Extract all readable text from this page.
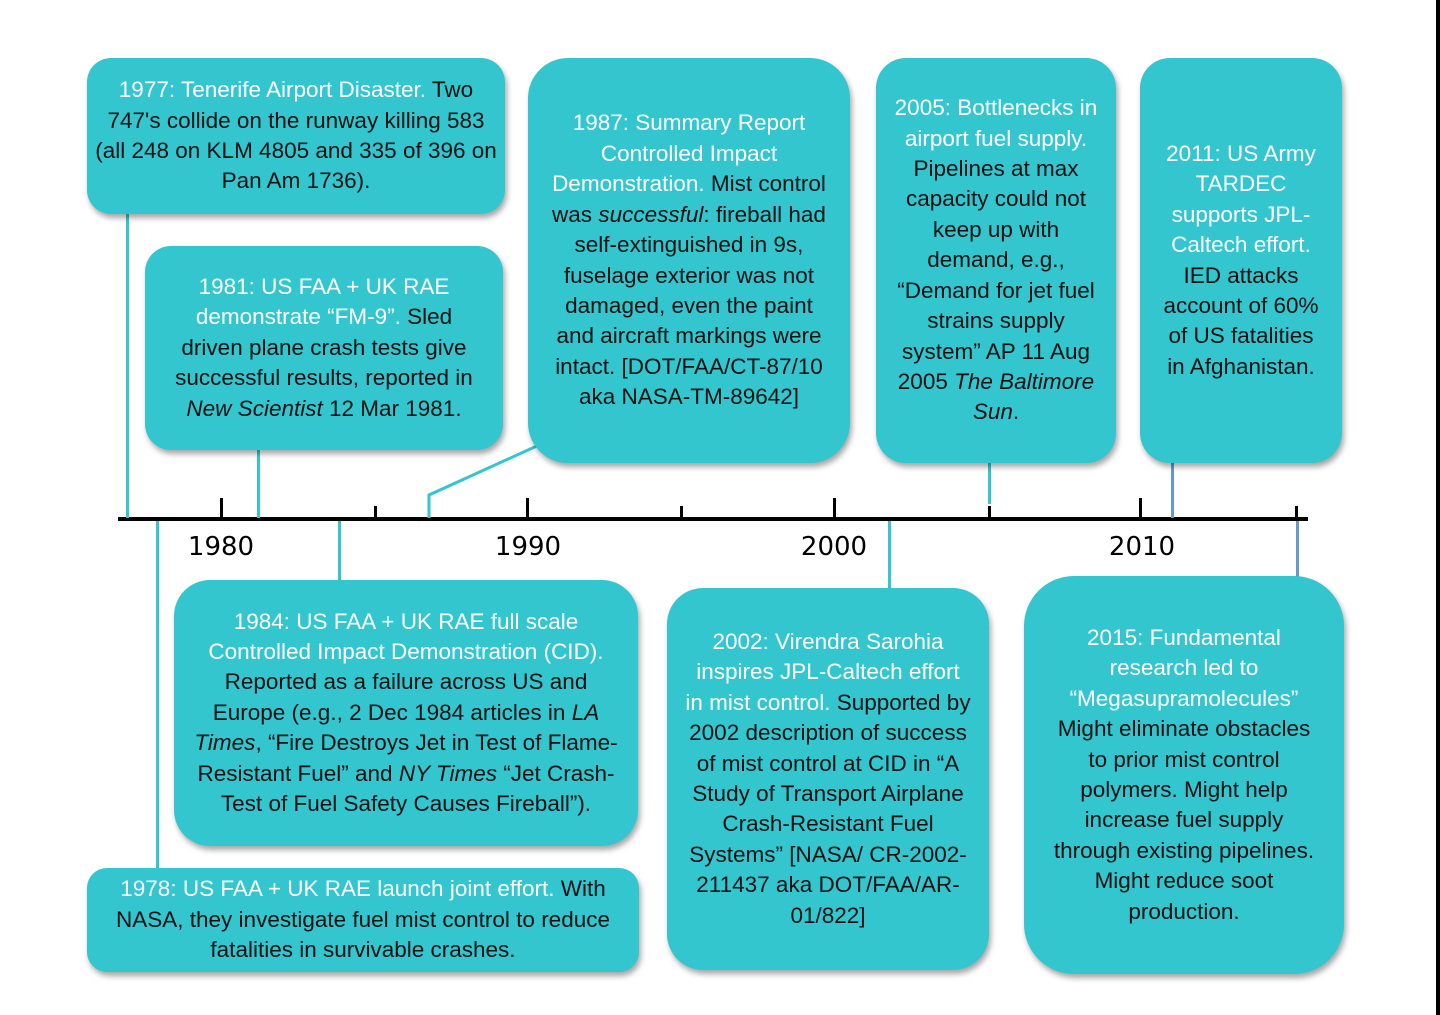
1980	1990	2000	2010
1977: Tenerife Airport Disaster. Two 747's collide on the runway killing 583 (all 248 on KLM 4805 and 335 of 396 on Pan Am 1736).
1981: US FAA + UK RAE demonstrate “FM-9”. Sled driven plane crash tests give successful results, reported in New Scientist 12 Mar 1981.
1987: Summary Report Controlled Impact Demonstration. Mist control was successful: fireball had self-extinguished in 9s, fuselage exterior was not damaged, even the paint and aircraft markings were intact. [DOT/FAA/CT-87/10 aka NASA-TM-89642]
2005: Bottlenecks in airport fuel supply. Pipelines at max capacity could not keep up with demand, e.g., “Demand for jet fuel strains supply system” AP 11 Aug 2005 The Baltimore Sun.
2011: US Army TARDEC supports JPL-Caltech effort. IED attacks account of 60% of US fatalities in Afghanistan.
1984: US FAA + UK RAE full scale Controlled Impact Demonstration (CID). Reported as a failure across US and Europe (e.g., 2 Dec 1984 articles in LA Times, “Fire Destroys Jet in Test of Flame-Resistant Fuel” and NY Times “Jet Crash-Test of Fuel Safety Causes Fireball”).
1978: US FAA + UK RAE launch joint effort. With NASA, they investigate fuel mist control to reduce fatalities in survivable crashes.
2002: Virendra Sarohia inspires JPL-Caltech effort in mist control. Supported by 2002 description of success of mist control at CID in “A Study of Transport Airplane Crash-Resistant Fuel Systems” [NASA/ CR-2002-211437 aka DOT/FAA/AR-01/822]
2015: Fundamental research led to “Megasupramolecules” Might eliminate obstacles to prior mist control polymers. Might help increase fuel supply through existing pipelines. Might reduce soot production.
